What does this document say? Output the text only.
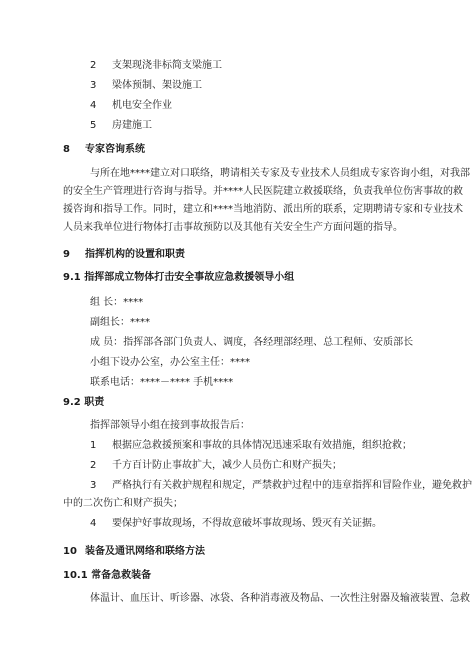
2 支架现浇非标简支梁施工
3 梁体预制、架设施工
4 机电安全作业
5 房建施工
8 专家咨询系统
与所在地****建立对口联络，聘请相关专家及专业技术人员组成专家咨询小组，对我部
的安全生产管理进行咨询与指导。并****人民医院建立救援联络，负责我单位伤害事故的救
援咨询和指导工作。同时，建立和****当地消防、派出所的联系，定期聘请专家和专业技术
人员来我单位进行物体打击事故预防以及其他有关安全生产方面问题的指导。
9 指挥机构的设置和职责
9.1 指挥部成立物体打击安全事故应急救援领导小组
组 长：****
副组长：****
成 员：指挥部各部门负责人、调度，各经理部经理、总工程师、安质部长
小组下设办公室，办公室主任：****
联系电话：****－**** 手机****
9.2 职责
指挥部领导小组在接到事故报告后：
1 根据应急救援预案和事故的具体情况迅速采取有效措施，组织抢救；
2 千方百计防止事故扩大，减少人员伤亡和财产损失；
3 严格执行有关救护规程和规定，严禁救护过程中的违章指挥和冒险作业，避免救护
中的二次伤亡和财产损失；
4 要保护好事故现场，不得故意破坏事故现场、毁灭有关证据。
10 装备及通讯网络和联络方法
10.1 常备急救装备
体温计、血压计、听诊器、冰袋、各种消毒液及物品、一次性注射器及输液装置、急救
